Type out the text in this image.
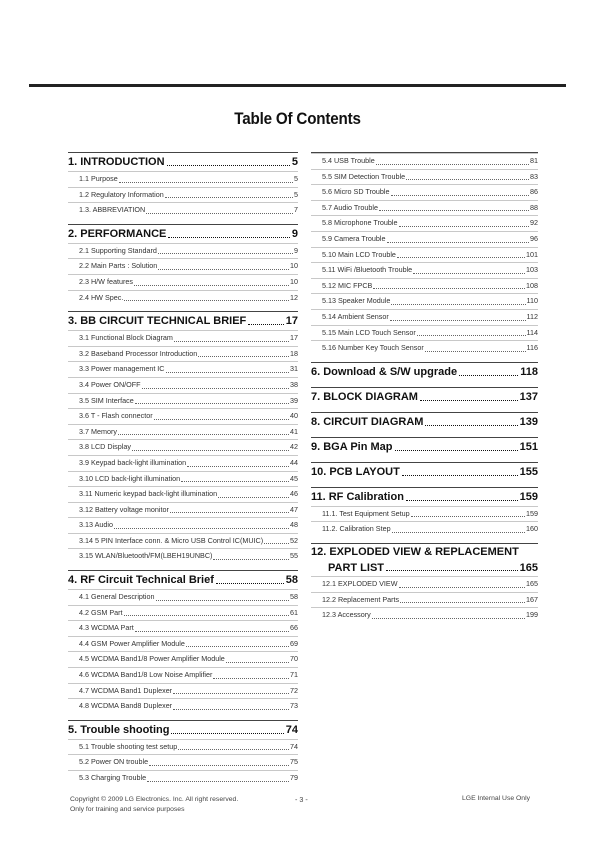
Table Of Contents
1. INTRODUCTION	5
1.1 Purpose	5
1.2 Regulatory Information	5
1.3. ABBREVIATION	7
2. PERFORMANCE	9
2.1 Supporting Standard	9
2.2 Main Parts : Solution	10
2.3 H/W features	10
2.4 HW Spec.	12
3. BB CIRCUIT TECHNICAL BRIEF	17
3.1 Functional Block Diagram	17
3.2 Baseband Processor Introduction	18
3.3 Power management IC	31
3.4 Power ON/OFF	38
3.5 SIM Interface	39
3.6 T - Flash connector	40
3.7 Memory	41
3.8 LCD Display	42
3.9 Keypad back-light illumination	44
3.10 LCD back-light illumination	45
3.11 Numeric keypad back-light illumination	46
3.12 Battery voltage monitor	47
3.13 Audio	48
3.14 5 PIN Interface conn. & Micro USB Control IC(MUIC)	52
3.15 WLAN/Bluetooth/FM(LBEH19UNBC)	55
4. RF Circuit Technical Brief	58
4.1 General Description	58
4.2 GSM Part	61
4.3 WCDMA Part	66
4.4 GSM Power Amplifier Module	69
4.5 WCDMA Band1/8 Power Amplifier Module	70
4.6 WCDMA Band1/8 Low Noise Amplifier	71
4.7 WCDMA Band1 Duplexer	72
4.8 WCDMA Band8 Duplexer	73
5. Trouble shooting	74
5.1 Trouble shooting test setup	74
5.2 Power ON trouble	75
5.3 Charging Trouble	79
5.4 USB Trouble	81
5.5 SIM Detection Trouble	83
5.6 Micro SD Trouble	86
5.7 Audio Trouble	88
5.8 Microphone Trouble	92
5.9 Camera Trouble	96
5.10 Main LCD Trouble	101
5.11 WiFi /Bluetooth Trouble	103
5.12 MIC FPCB	108
5.13 Speaker Module	110
5.14 Ambient Sensor	112
5.15 Main LCD Touch Sensor	114
5.16 Number Key Touch Sensor	116
6. Download & S/W upgrade	118
7. BLOCK DIAGRAM	137
8. CIRCUIT DIAGRAM	139
9. BGA Pin Map	151
10. PCB LAYOUT	155
11. RF Calibration	159
11.1. Test Equipment Setup	159
11.2. Calibration Step	160
12. EXPLODED VIEW & REPLACEMENT
PART LIST	165
12.1 EXPLODED VIEW	165
12.2 Replacement Parts	167
12.3 Accessory	199
Copyright © 2009 LG Electronics. Inc. All right reserved.
Only for training and service purposes
- 3 -	LGE Internal Use Only
